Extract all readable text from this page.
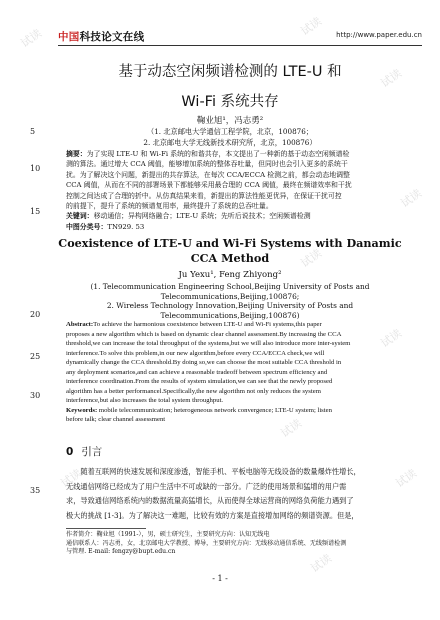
试读
试读
试读
试读
试读
试读
试读
试读
试读
试读
中国科技论文在线	http://www.paper.edu.cn
5
10
15
20
25
30
35
基于动态空闲频谱检测的 LTE-U 和
Wi-Fi 系统共存
鞠业旭¹，冯志勇²
（1. 北京邮电大学通信工程学院，北京，100876；
2. 北京邮电大学无线新技术研究所，北京，100876）
摘要：为了实现 LTE-U 和 Wi-Fi 系统的和谐共存，本文提出了一种新的基于动态空闲频谱检
测的算法。通过增大 CCA 阈值，能够增加系统的整体吞吐量，但同时也会引入更多的系统干
扰。为了解决这个问题，新提出的共存算法，在每次 CCA/ECCA 检测之前，都会动态地调整
CCA 阈值，从而在不同的部署场景下都能够采用最合理的 CCA 阈值，最终在频谱效率和干扰
控制之间达成了合理的折中。从仿真结果来看，新提出的算法性能更优异，在保证干扰可控
的前提下，提升了系统的频谱复用率，最终提升了系统的总吞吐量。
关键词：移动通信；异构网络融合；LTE-U 系统；先听后说技术；空闲频谱检测
中图分类号：TN929. 53
Coexistence of LTE-U and Wi-Fi Systems with Danamic
CCA Method
Ju Yexu¹, Feng Zhiyong²
(1. Telecommunication Engineering School,Beijing University of Posts and
Telecommunications,Beijing,100876;
2. Wireless Technology Innovation,Beijing University of Posts and
Telecommunications,Beijing,100876)
Abstract:To achieve the harmonious coexistence between LTE-U and Wi-Fi systems,this paper
proposes a new algorithm which is based on dynamic clear channel assessment.By increasing the CCA
threshold,we can increase the total throughput of the systems,but we will also introduce more inter-system
interference.To solve this problem,in our new algorithm,before every CCA/ECCA check,we will
dynamically change the CCA threshold.By doing so,we can choose the most suitable CCA threshold in
any deployment scenarios,and can achieve a reasonable tradeoff between spectrum efficiency and
interference coordination.From the results of system simulation,we can see that the newly proposed
algorithm has a better performancel.Specifically,the new algorithm not only reduces the system
interference,but also increases the total system throughput.
Keywords: mobile telecommunication; heterogeneous network convergence; LTE-U system; listen
before talk; clear channel assessment
0 引言
　　随着互联网的快速发展和深度渗透，智能手机、平板电脑等无线设备的数量爆炸性增长，
无线通信网络已经成为了用户生活中不可或缺的一部分。广泛的使用场景和猛增的用户需
求，导致通信网络系统内的数据流量高猛增长，从而使得全球运营商的网络负荷能力遇到了
极大的挑战 [1-3]。为了解决这一难题，比较有效的方案是直接增加网络的频谱资源。但是，
作者简介：鞠业旭（1991-），男，硕士研究生，主要研究方向：认知无线电
通信联系人：冯志勇，女，北京邮电大学教授、博导，主要研究方向：无线移动通信系统、无线频谱检测
与管理. E-mail: fengzy@bupt.edu.cn
- 1 -
